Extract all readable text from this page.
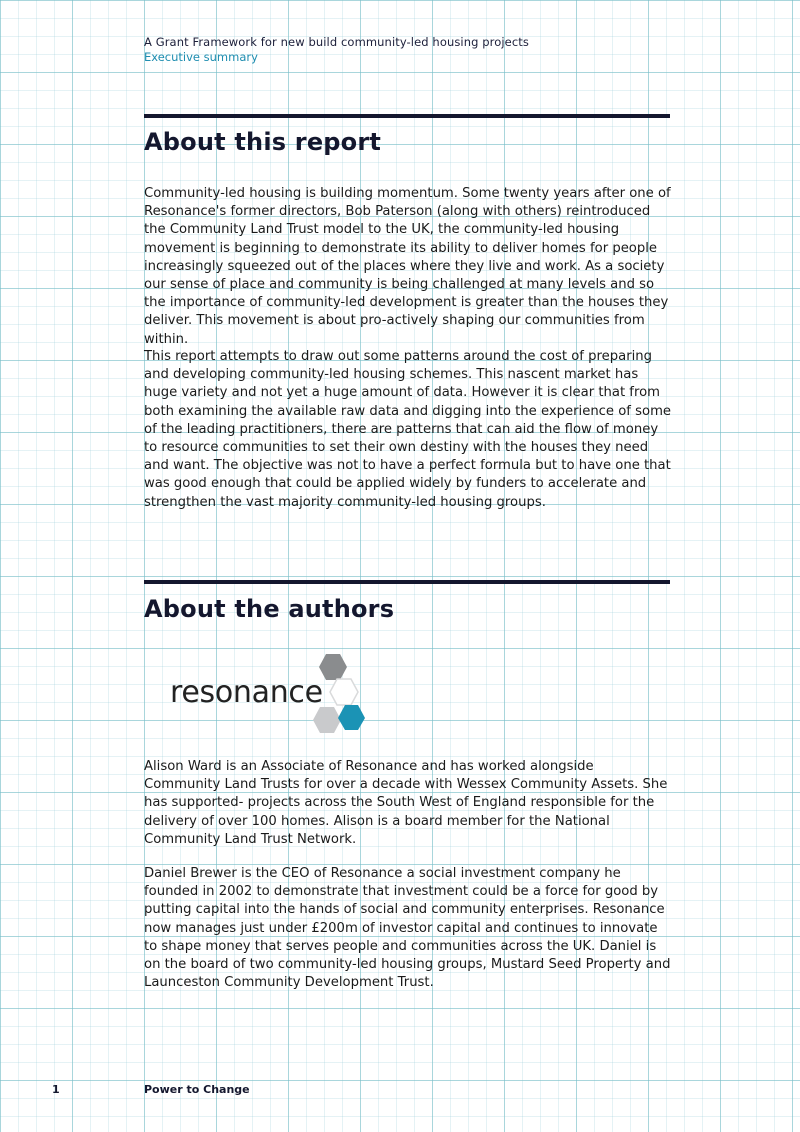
A Grant Framework for new build community-led housing projects
Executive summary
About this report
Community-led housing is building momentum. Some twenty years after one of Resonance's former directors, Bob Paterson (along with others) reintroduced the Community Land Trust model to the UK, the community-led housing movement is beginning to demonstrate its ability to deliver homes for people increasingly squeezed out of the places where they live and work. As a society our sense of place and community is being challenged at many levels and so the importance of community-led development is greater than the houses they deliver. This movement is about pro-actively shaping our communities from within.
This report attempts to draw out some patterns around the cost of preparing and developing community-led housing schemes. This nascent market has huge variety and not yet a huge amount of data. However it is clear that from both examining the available raw data and digging into the experience of some of the leading practitioners, there are patterns that can aid the flow of money to resource communities to set their own destiny with the houses they need and want. The objective was not to have a perfect formula but to have one that was good enough that could be applied widely by funders to accelerate and strengthen the vast majority community-led housing groups.
About the authors
resonance
Alison Ward is an Associate of Resonance and has worked alongside Community Land Trusts for over a decade with Wessex Community Assets. She has supported- projects across the South West of England responsible for the delivery of over 100 homes. Alison is a board member for the National Community Land Trust Network.
Daniel Brewer is the CEO of Resonance a social investment company he founded in 2002 to demonstrate that investment could be a force for good by putting capital into the hands of social and community enterprises. Resonance now manages just under £200m of investor capital and continues to innovate to shape money that serves people and communities across the UK. Daniel is on the board of two community-led housing groups, Mustard Seed Property and Launceston Community Development Trust.
1	Power to Change
